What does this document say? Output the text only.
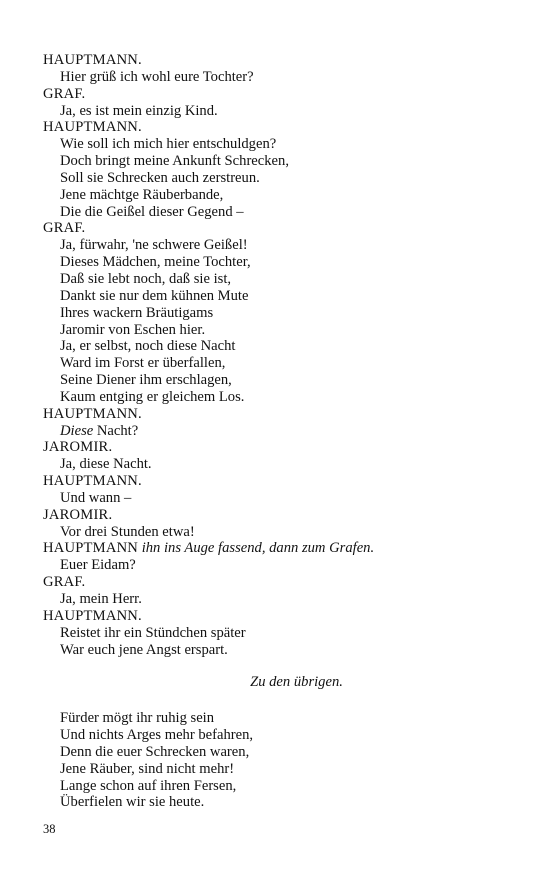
HAUPTMANN.
Hier grüß ich wohl eure Tochter?
GRAF.
Ja, es ist mein einzig Kind.
HAUPTMANN.
Wie soll ich mich hier entschuldgen?
Doch bringt meine Ankunft Schrecken,
Soll sie Schrecken auch zerstreun.
Jene mächtge Räuberbande,
Die die Geißel dieser Gegend –
GRAF.
Ja, fürwahr, 'ne schwere Geißel!
Dieses Mädchen, meine Tochter,
Daß sie lebt noch, daß sie ist,
Dankt sie nur dem kühnen Mute
Ihres wackern Bräutigams
Jaromir von Eschen hier.
Ja, er selbst, noch diese Nacht
Ward im Forst er überfallen,
Seine Diener ihm erschlagen,
Kaum entging er gleichem Los.
HAUPTMANN.
Diese Nacht?
JAROMIR.
Ja, diese Nacht.
HAUPTMANN.
Und wann –
JAROMIR.
Vor drei Stunden etwa!
HAUPTMANN ihn ins Auge fassend, dann zum Grafen.
Euer Eidam?
GRAF.
Ja, mein Herr.
HAUPTMANN.
Reistet ihr ein Stündchen später
War euch jene Angst erspart.
Zu den übrigen.
Fürder mögt ihr ruhig sein
Und nichts Arges mehr befahren,
Denn die euer Schrecken waren,
Jene Räuber, sind nicht mehr!
Lange schon auf ihren Fersen,
Überfielen wir sie heute.
38
